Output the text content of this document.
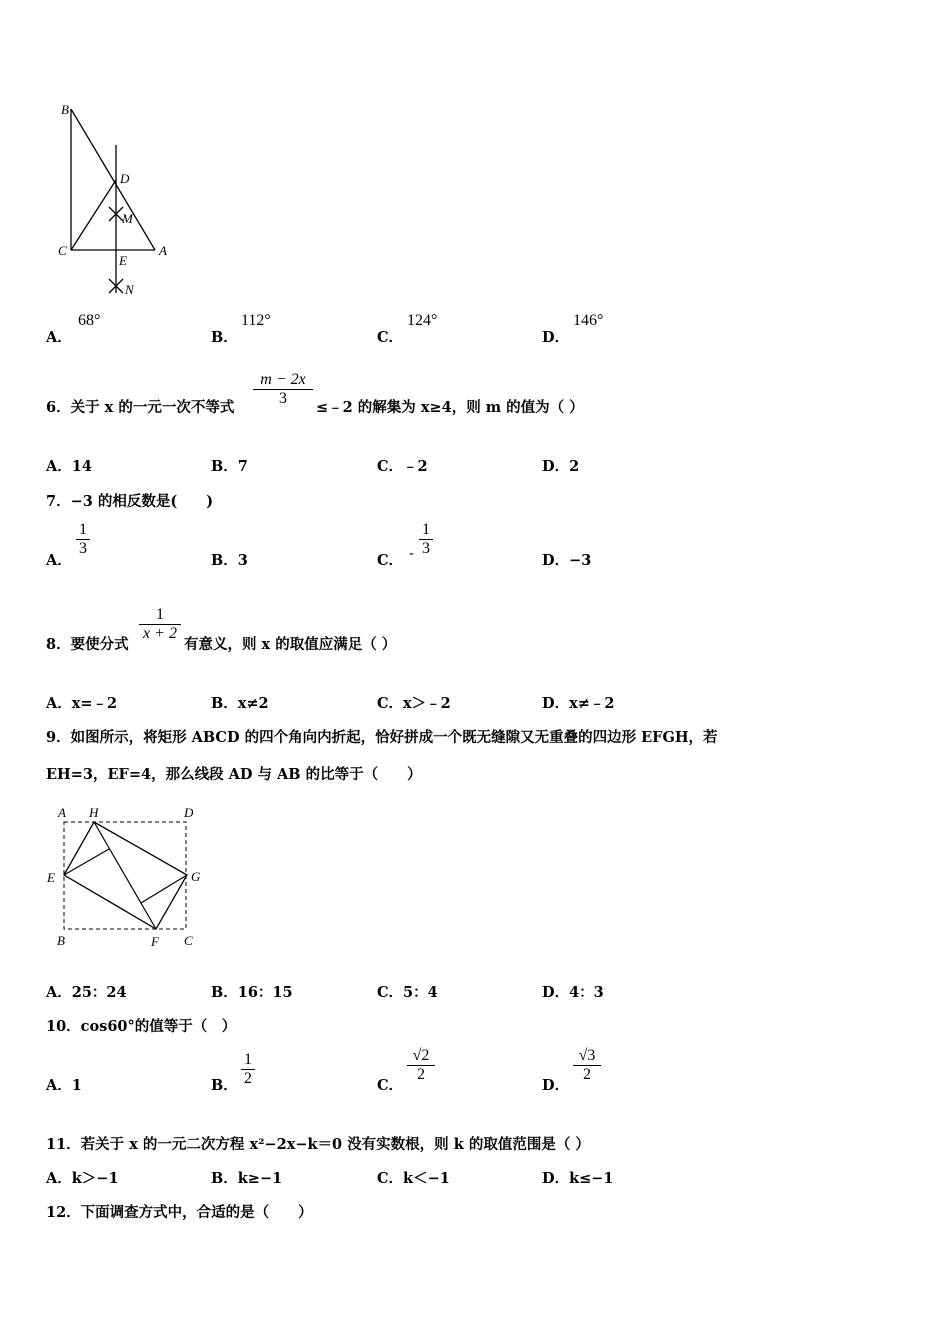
B
D
M
C	A
E
N
A．
68°
B．
112°
C．
124°
D．
146°
6．关于 x 的一元一次不等式
m − 2x
3
≤﹣2 的解集为 x≥4，则 m 的值为（ ）
A．14	B．7	C．﹣2	D．2
7．−3 的相反数是(　　)
A．
1
3
B．3	C． -
1
3
D．−3
8．要使分式
1
x + 2
有意义，则 x 的取值应满足（ ）
A．x=﹣2	B．x≠2	C．x＞﹣2	D．x≠﹣2
9．如图所示，将矩形 ABCD 的四个角向内折起，恰好拼成一个既无缝隙又无重叠的四边形 EFGH，若
EH=3，EF=4，那么线段 AD 与 AB 的比等于（　　）
A H	D
E	G
B	F C
A．25：24	B．16：15	C．5：4	D．4：3
10．cos60°的值等于（　）
A．1	B．
1
2	C．
√2
2
D．
√3
2
11．若关于 x 的一元二次方程 x²−2x−k＝0 没有实数根，则 k 的取值范围是（ ）
A．k＞−1	B．k≥−1	C．k＜−1	D．k≤−1
12．下面调查方式中，合适的是（　　）
